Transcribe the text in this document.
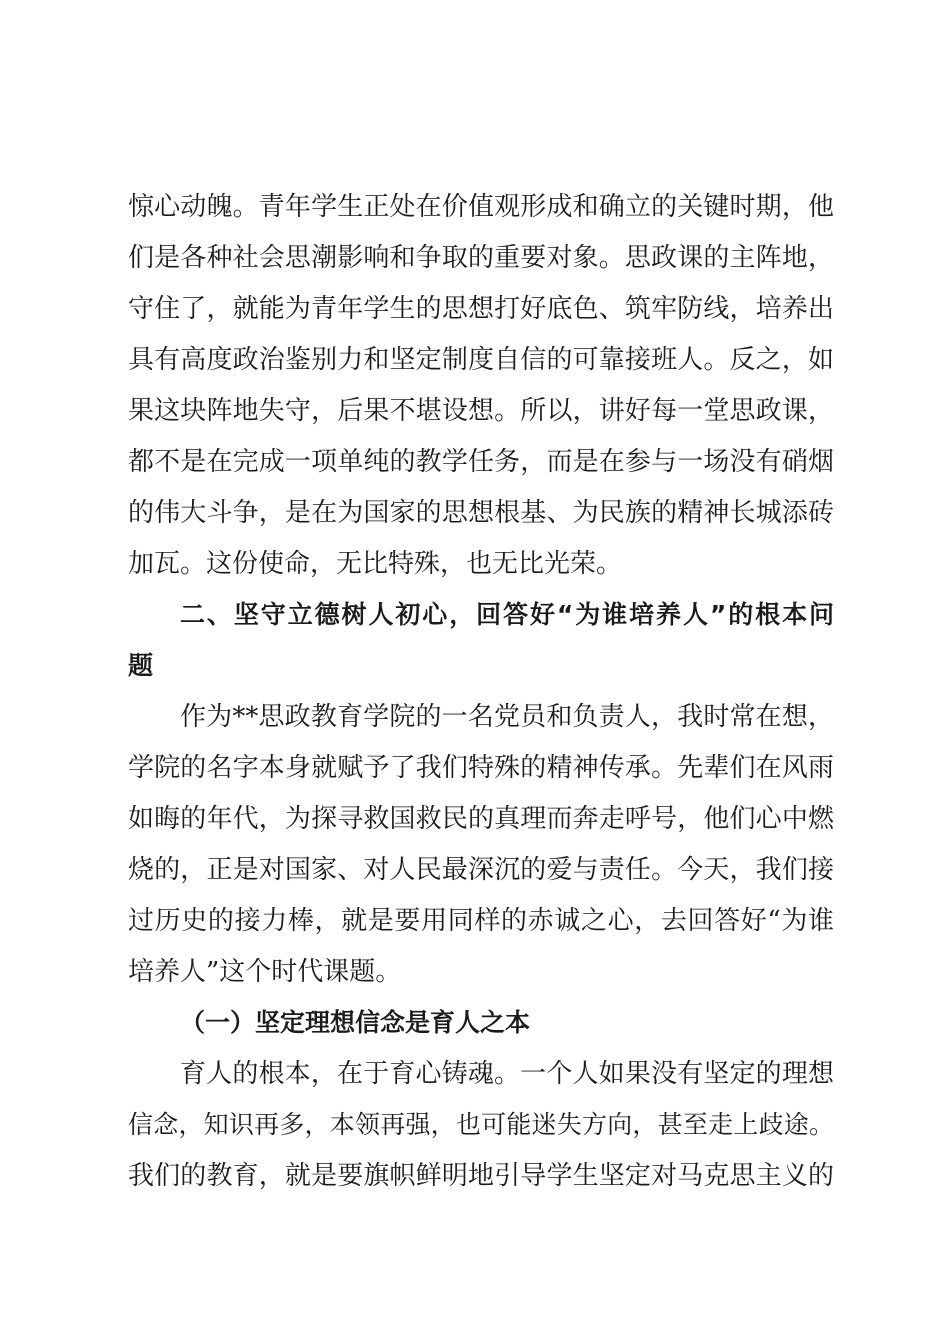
惊心动魄。青年学生正处在价值观形成和确立的关键时期，他
们是各种社会思潮影响和争取的重要对象。思政课的主阵地，
守住了，就能为青年学生的思想打好底色、筑牢防线，培养出
具有高度政治鉴别力和坚定制度自信的可靠接班人。反之，如
果这块阵地失守，后果不堪设想。所以，讲好每一堂思政课，
都不是在完成一项单纯的教学任务，而是在参与一场没有硝烟
的伟大斗争，是在为国家的思想根基、为民族的精神长城添砖
加瓦。这份使命，无比特殊，也无比光荣。
二、坚守立德树人初心，回答好“为谁培养人”的根本问
题
作为**思政教育学院的一名党员和负责人，我时常在想，
学院的名字本身就赋予了我们特殊的精神传承。先辈们在风雨
如晦的年代，为探寻救国救民的真理而奔走呼号，他们心中燃
烧的，正是对国家、对人民最深沉的爱与责任。今天，我们接
过历史的接力棒，就是要用同样的赤诚之心，去回答好“为谁
培养人”这个时代课题。
（一）坚定理想信念是育人之本
育人的根本，在于育心铸魂。一个人如果没有坚定的理想
信念，知识再多，本领再强，也可能迷失方向，甚至走上歧途。
我们的教育，就是要旗帜鲜明地引导学生坚定对马克思主义的
